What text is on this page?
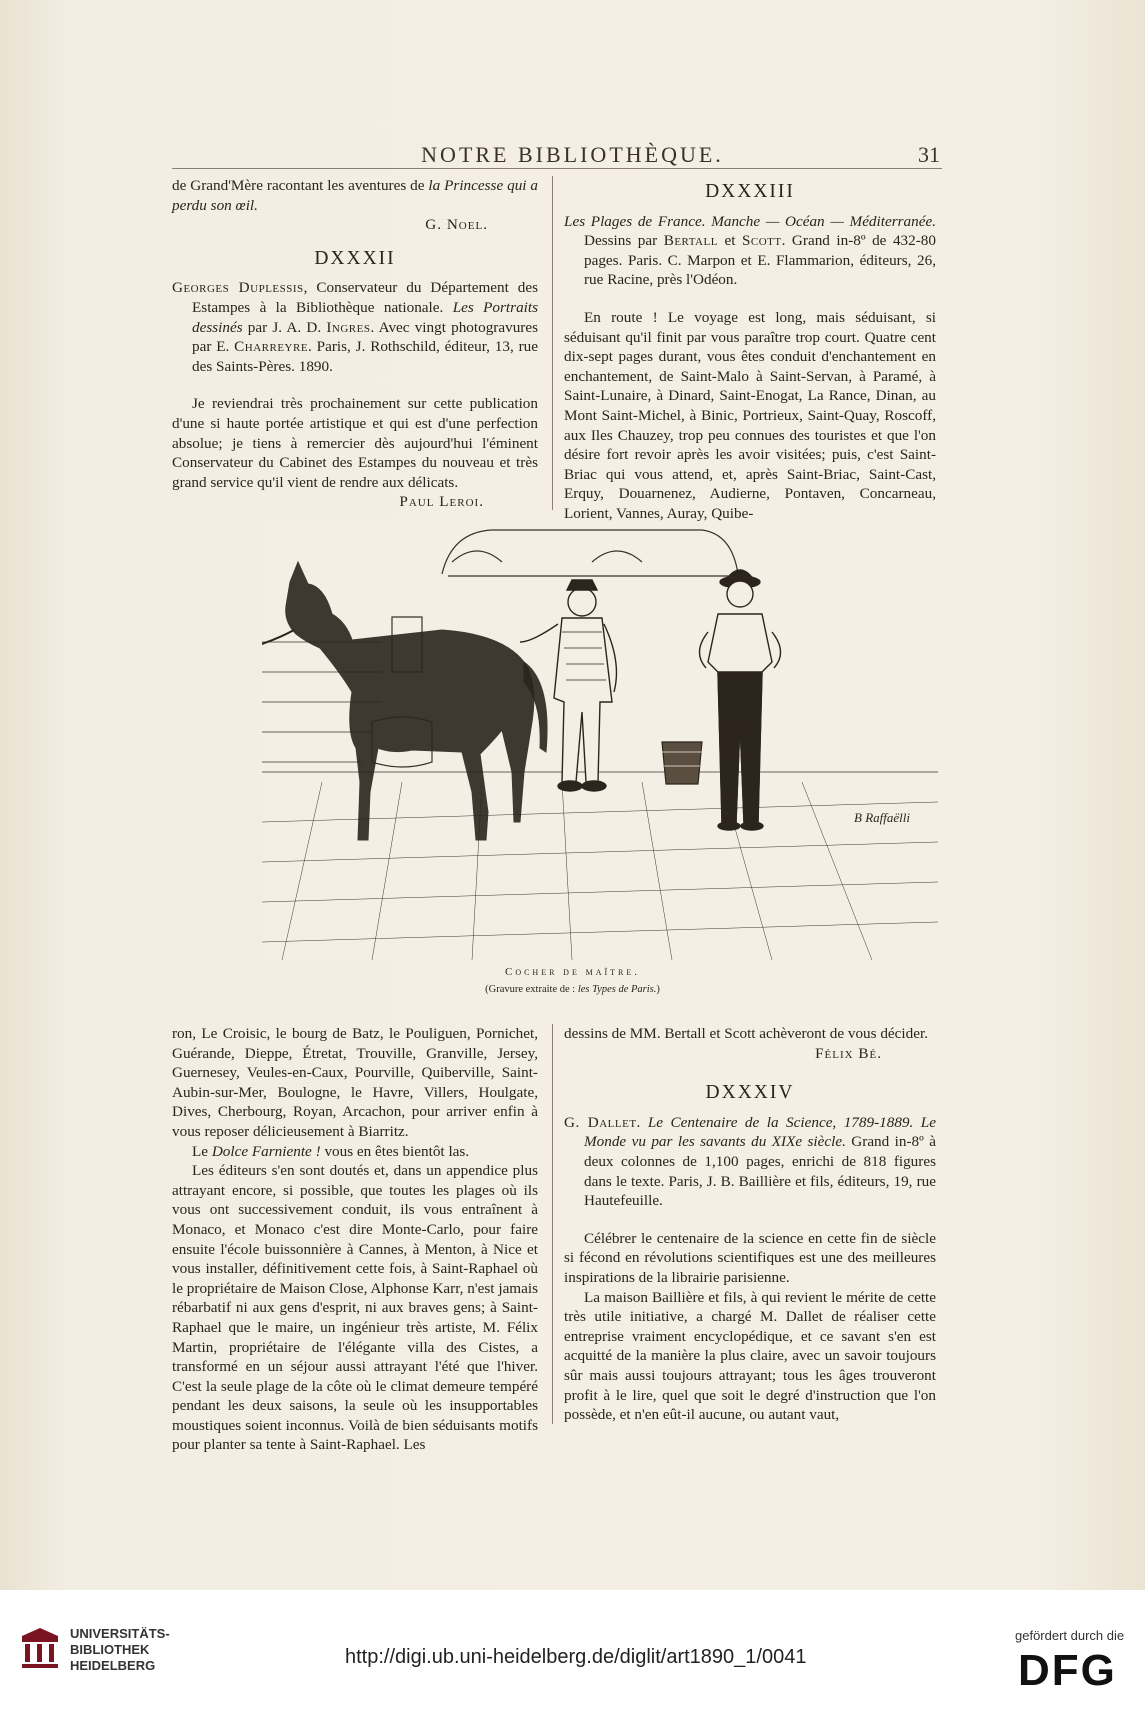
NOTRE BIBLIOTHÈQUE.	31

de Grand'Mère racontant les aventures de la Princesse qui a perdu son œil.

G. Noel.

DXXXII

Georges Duplessis, Conservateur du Département des Estampes à la Bibliothèque nationale. Les Portraits dessinés par J. A. D. Ingres. Avec vingt photogravures par E. Charreyre. Paris, J. Rothschild, éditeur, 13, rue des Saints-Pères. 1890.

Je reviendrai très prochainement sur cette publication d'une si haute portée artistique et qui est d'une perfection absolue; je tiens à remercier dès aujourd'hui l'éminent Conservateur du Cabinet des Estampes du nouveau et très grand service qu'il vient de rendre aux délicats.

Paul Leroi.

DXXXIII

Les Plages de France. Manche — Océan — Méditerranée. Dessins par Bertall et Scott. Grand in-8º de 432-80 pages. Paris. C. Marpon et E. Flammarion, éditeurs, 26, rue Racine, près l'Odéon.

En route ! Le voyage est long, mais séduisant, si séduisant qu'il finit par vous paraître trop court. Quatre cent dix-sept pages durant, vous êtes conduit d'enchantement en enchantement, de Saint-Malo à Saint-Servan, à Paramé, à Saint-Lunaire, à Dinard, Saint-Enogat, La Rance, Dinan, au Mont Saint-Michel, à Binic, Portrieux, Saint-Quay, Roscoff, aux Iles Chauzey, trop peu connues des touristes et que l'on désire fort revoir après les avoir visitées; puis, c'est Saint-Briac qui vous attend, et, après Saint-Briac, Saint-Cast, Erquy, Douarnenez, Audierne, Pontaven, Concarneau, Lorient, Vannes, Auray, Quibe-

B Raffaëlli
Cocher de maître.
(Gravure extraite de : les Types de Paris.)

ron, Le Croisic, le bourg de Batz, le Pouliguen, Pornichet, Guérande, Dieppe, Étretat, Trouville, Granville, Jersey, Guernesey, Veules-en-Caux, Pourville, Quiberville, Saint-Aubin-sur-Mer, Boulogne, le Havre, Villers, Houlgate, Dives, Cherbourg, Royan, Arcachon, pour arriver enfin à vous reposer délicieusement à Biarritz.

Le Dolce Farniente ! vous en êtes bientôt las.

Les éditeurs s'en sont doutés et, dans un appendice plus attrayant encore, si possible, que toutes les plages où ils vous ont successivement conduit, ils vous entraînent à Monaco, et Monaco c'est dire Monte-Carlo, pour faire ensuite l'école buissonnière à Cannes, à Menton, à Nice et vous installer, définitivement cette fois, à Saint-Raphael où le propriétaire de Maison Close, Alphonse Karr, n'est jamais rébarbatif ni aux gens d'esprit, ni aux braves gens; à Saint-Raphael que le maire, un ingénieur très artiste, M. Félix Martin, propriétaire de l'élégante villa des Cistes, a transformé en un séjour aussi attrayant l'été que l'hiver. C'est la seule plage de la côte où le climat demeure tempéré pendant les deux saisons, la seule où les insupportables moustiques soient inconnus. Voilà de bien séduisants motifs pour planter sa tente à Saint-Raphael. Les

dessins de MM. Bertall et Scott achèveront de vous décider.

Félix Bé.

DXXXIV

G. Dallet. Le Centenaire de la Science, 1789-1889. Le Monde vu par les savants du XIXe siècle. Grand in-8º à deux colonnes de 1,100 pages, enrichi de 818 figures dans le texte. Paris, J. B. Baillière et fils, éditeurs, 19, rue Hautefeuille.

Célébrer le centenaire de la science en cette fin de siècle si fécond en révolutions scientifiques est une des meilleures inspirations de la librairie parisienne.

La maison Baillière et fils, à qui revient le mérite de cette très utile initiative, a chargé M. Dallet de réaliser cette entreprise vraiment encyclopédique, et ce savant s'en est acquitté de la manière la plus claire, avec un savoir toujours sûr mais aussi toujours attrayant; tous les âges trouveront profit à le lire, quel que soit le degré d'instruction que l'on possède, et n'en eût-il aucune, ou autant vaut,

UNIVERSITÄTS-
BIBLIOTHEK
HEIDELBERG	http://digi.ub.uni-heidelberg.de/diglit/art1890_1/0041
gefördert durch die
DFG
